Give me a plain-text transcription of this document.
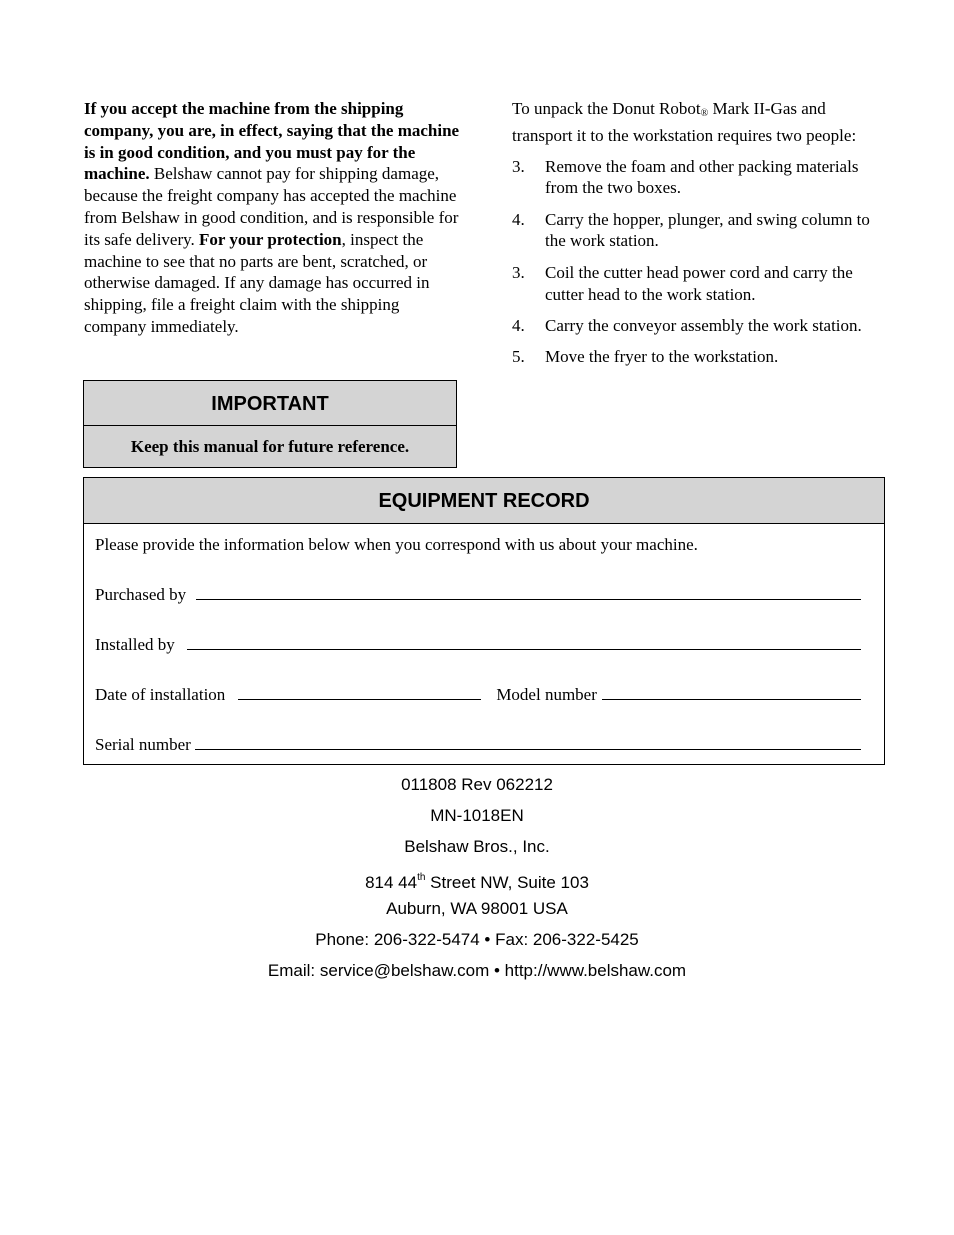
If you accept the machine from the shipping company, you are, in effect, saying that the machine is in good condition, and you must pay for the machine. Belshaw cannot pay for shipping damage, because the freight company has accepted the machine from Belshaw in good condition, and is responsible for its safe delivery. For your protection, inspect the machine to see that no parts are bent, scratched, or otherwise damaged. If any damage has occurred in shipping, file a freight claim with the shipping company immediately.
IMPORTANT
Keep this manual for future reference.

To unpack the Donut Robot$_®$ Mark II-Gas and transport it to the workstation requires two people:

3.	Remove the foam and other packing materials from the two boxes.
4.	Carry the hopper, plunger, and swing column to the work station.
3.	Coil the cutter head power cord and carry the cutter head to the work station.
4.	Carry the conveyor assembly the work station.
5.	Move the fryer to the workstation.
EQUIPMENT RECORD
Please provide the information below when you correspond with us about your machine.
Purchased by
Installed by
Date of installation	Model number
Serial number
011808 Rev 062212
MN-1018EN
Belshaw Bros., Inc.
814 44th Street NW, Suite 103
Auburn, WA 98001 USA
Phone: 206-322-5474 • Fax: 206-322-5425
Email: service@belshaw.com • http://www.belshaw.com
